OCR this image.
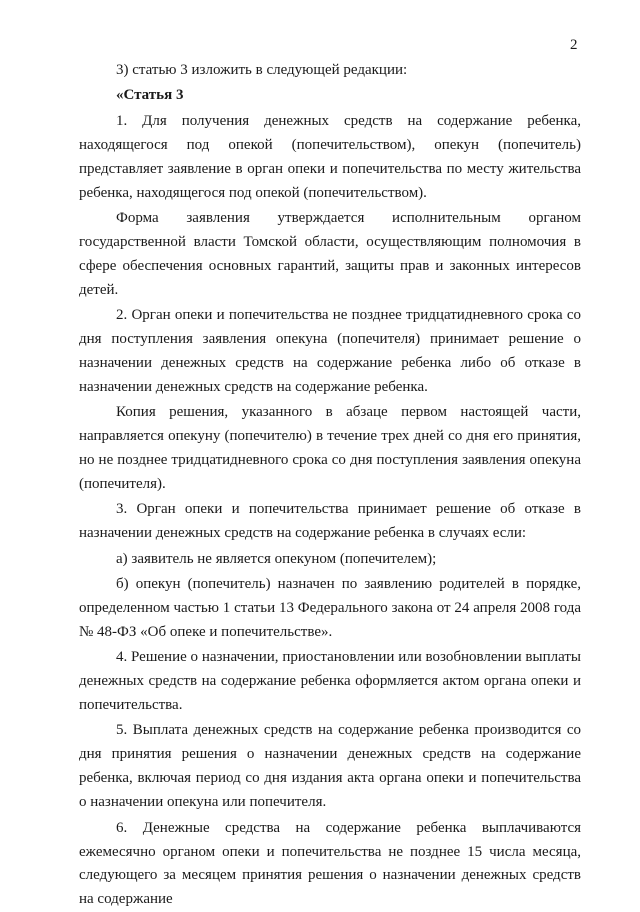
2

3) статью 3 изложить в следующей редакции:

«Статья 3

1. Для получения денежных средств на содержание ребенка, находящегося под опекой (попечительством), опекун (попечитель) представляет заявление в орган опеки и попечительства по месту жительства ребенка, находящегося под опекой (попечительством).

Форма заявления утверждается исполнительным органом государственной власти Томской области, осуществляющим полномочия в сфере обеспечения основных гарантий, защиты прав и законных интересов детей.

2. Орган опеки и попечительства не позднее тридцатидневного срока со дня поступления заявления опекуна (попечителя) принимает решение о назначении денежных средств на содержание ребенка либо об отказе в назначении денежных средств на содержание ребенка.

Копия решения, указанного в абзаце первом настоящей части, направляется опекуну (попечителю) в течение трех дней со дня его принятия, но не позднее тридцатидневного срока со дня поступления заявления опекуна (попечителя).

3. Орган опеки и попечительства принимает решение об отказе в назначении денежных средств на содержание ребенка в случаях если:

а) заявитель не является опекуном (попечителем);

б) опекун (попечитель) назначен по заявлению родителей в порядке, определенном частью 1 статьи 13 Федерального закона от 24 апреля 2008 года № 48-ФЗ «Об опеке и попечительстве».

4. Решение о назначении, приостановлении или возобновлении выплаты денежных средств на содержание ребенка оформляется актом органа опеки и попечительства.

5. Выплата денежных средств на содержание ребенка производится со дня принятия решения о назначении денежных средств на содержание ребенка, включая период со дня издания акта органа опеки и попечительства о назначении опекуна или попечителя.

6. Денежные средства на содержание ребенка выплачиваются ежемесячно органом опеки и попечительства не позднее 15 числа месяца, следующего за месяцем принятия решения о назначении денежных средств на содержание
